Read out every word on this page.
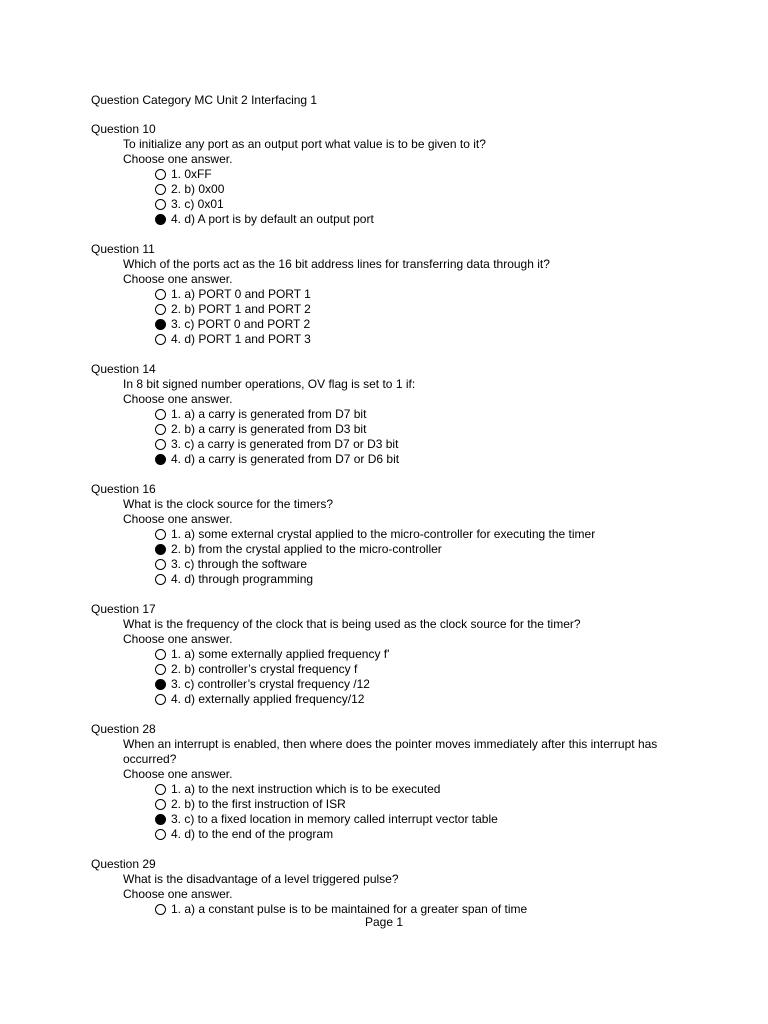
Question Category MC Unit 2 Interfacing 1
Question 10
To initialize any port as an output port what value is to be given to it?
Choose one answer.
1. 0xFF
2. b) 0x00
3. c) 0x01
4. d) A port is by default an output port
Question 11
Which of the ports act as the 16 bit address lines for transferring data through it?
Choose one answer.
1. a) PORT 0 and PORT 1
2. b) PORT 1 and PORT 2
3. c) PORT 0 and PORT 2
4. d) PORT 1 and PORT 3
Question 14
In 8 bit signed number operations, OV flag is set to 1 if:
Choose one answer.
1. a) a carry is generated from D7 bit
2. b) a carry is generated from D3 bit
3. c) a carry is generated from D7 or D3 bit
4. d) a carry is generated from D7 or D6 bit
Question 16
What is the clock source for the timers?
Choose one answer.
1. a) some external crystal applied to the micro-controller for executing the timer
2. b) from the crystal applied to the micro-controller
3. c) through the software
4. d) through programming
Question 17
What is the frequency of the clock that is being used as the clock source for the timer?
Choose one answer.
1. a) some externally applied frequency f'
2. b) controller’s crystal frequency f
3. c) controller’s crystal frequency /12
4. d) externally applied frequency/12
Question 28
When an interrupt is enabled, then where does the pointer moves immediately after this interrupt has occurred?
Choose one answer.
1. a) to the next instruction which is to be executed
2. b) to the first instruction of ISR
3. c) to a fixed location in memory called interrupt vector table
4. d) to the end of the program
Question 29
What is the disadvantage of a level triggered pulse?
Choose one answer.
1. a) a constant pulse is to be maintained for a greater span of time
Page 1
